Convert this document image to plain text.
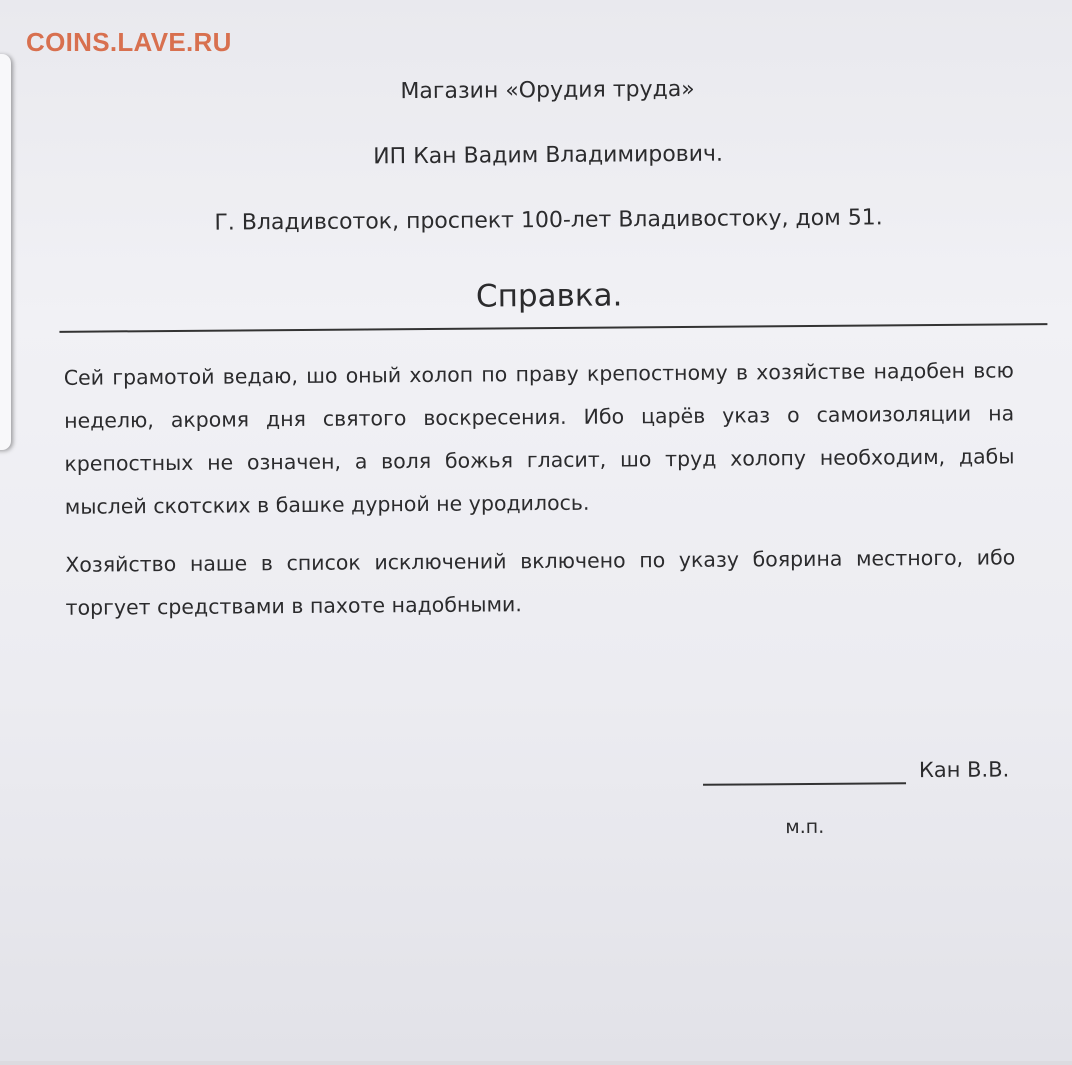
COINS.LAVE.RU
Магазин «Орудия труда»
ИП Кан Вадим Владимирович.
Г. Владивсоток, проспект 100-лет Владивостоку, дом 51.
Справка.

Сей грамотой ведаю, шо оный холоп по праву крепостному в хозяйстве надобен всю неделю, акромя дня святого воскресения. Ибо царёв указ о самоизоляции на крепостных не означен, а воля божья гласит, шо труд холопу необходим, дабы мыслей скотских в башке дурной не уродилось.

Хозяйство наше в список исключений включено по указу боярина местного, ибо торгует средствами в пахоте надобными.

Кан В.В.
м.п.
